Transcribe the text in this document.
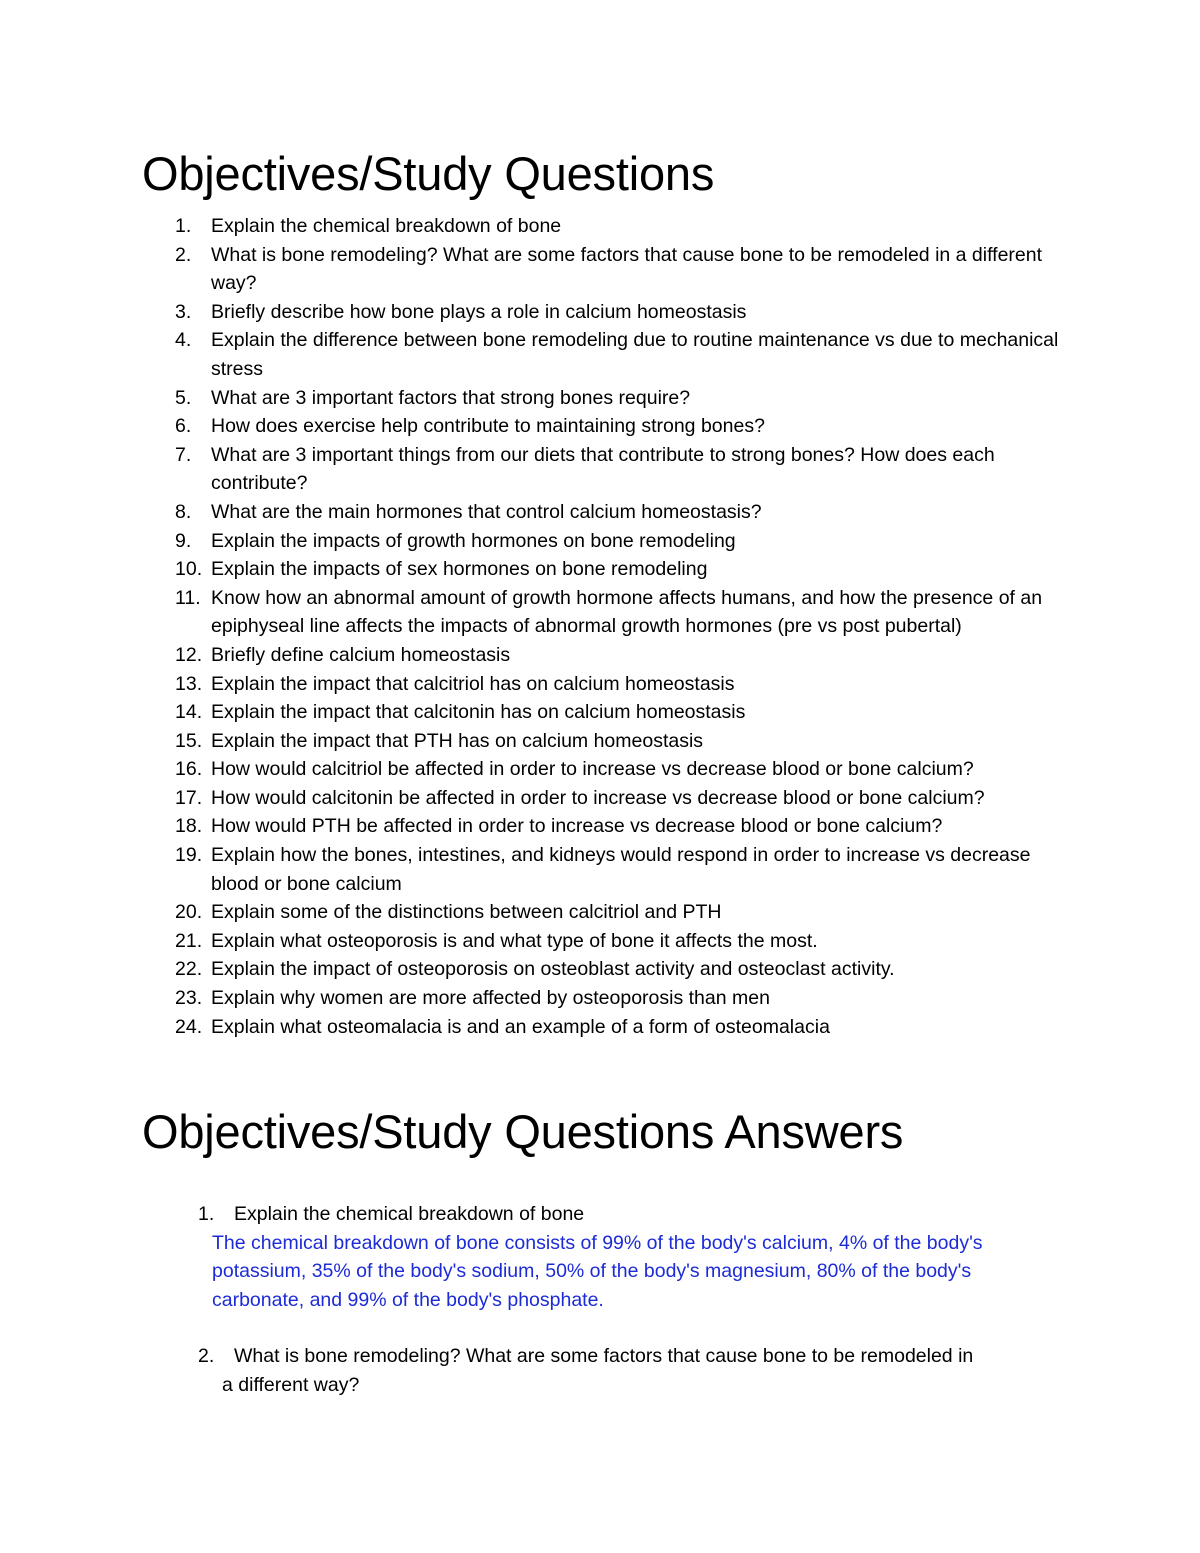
Objectives/Study Questions
1. Explain the chemical breakdown of bone
2. What is bone remodeling? What are some factors that cause bone to be remodeled in a different way?
3. Briefly describe how bone plays a role in calcium homeostasis
4. Explain the difference between bone remodeling due to routine maintenance vs due to mechanical stress
5. What are 3 important factors that strong bones require?
6. How does exercise help contribute to maintaining strong bones?
7. What are 3 important things from our diets that contribute to strong bones? How does each contribute?
8. What are the main hormones that control calcium homeostasis?
9. Explain the impacts of growth hormones on bone remodeling
10. Explain the impacts of sex hormones on bone remodeling
11. Know how an abnormal amount of growth hormone affects humans, and how the presence of an epiphyseal line affects the impacts of abnormal growth hormones (pre vs post pubertal)
12. Briefly define calcium homeostasis
13. Explain the impact that calcitriol has on calcium homeostasis
14. Explain the impact that calcitonin has on calcium homeostasis
15. Explain the impact that PTH has on calcium homeostasis
16. How would calcitriol be affected in order to increase vs decrease blood or bone calcium?
17. How would calcitonin be affected in order to increase vs decrease blood or bone calcium?
18. How would PTH be affected in order to increase vs decrease blood or bone calcium?
19. Explain how the bones, intestines, and kidneys would respond in order to increase vs decrease blood or bone calcium
20. Explain some of the distinctions between calcitriol and PTH
21. Explain what osteoporosis is and what type of bone it affects the most.
22. Explain the impact of osteoporosis on osteoblast activity and osteoclast activity.
23. Explain why women are more affected by osteoporosis than men
24. Explain what osteomalacia is and an example of a form of osteomalacia
Objectives/Study Questions Answers
1.	Explain the chemical breakdown of bone
The chemical breakdown of bone consists of 99% of the body's calcium, 4% of the body's potassium, 35% of the body's sodium, 50% of the body's magnesium, 80% of the body's carbonate, and 99% of the body's phosphate.
2.	What is bone remodeling? What are some factors that cause bone to be remodeled in
a different way?
